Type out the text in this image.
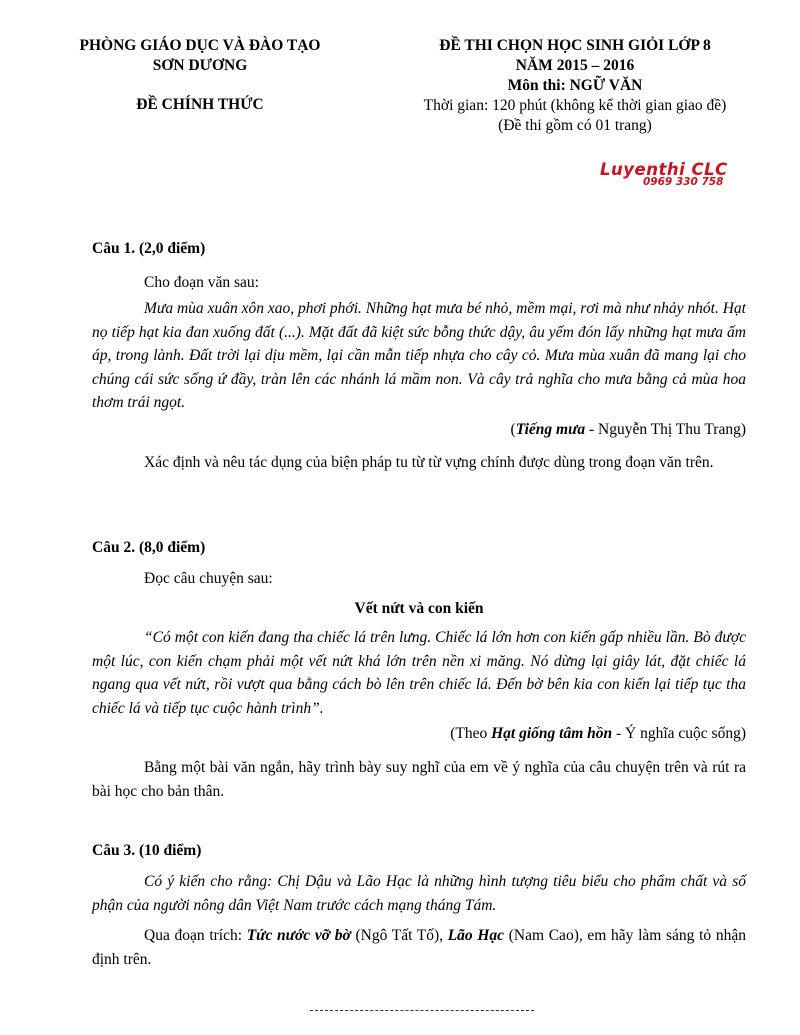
PHÒNG GIÁO DỤC VÀ ĐÀO TẠO
SƠN DƯƠNG
ĐỀ CHÍNH THỨC
ĐỀ THI CHỌN HỌC SINH GIỎI LỚP 8
NĂM 2015 – 2016
Môn thi: NGỮ VĂN
Thời gian: 120 phút (không kể thời gian giao đề)
(Đề thi gồm có 01 trang)
Luyenthi CLC
0969 330 758
Câu 1. (2,0 điểm)
Cho đoạn văn sau:
Mưa mùa xuân xôn xao, phơi phới. Những hạt mưa bé nhỏ, mềm mại, rơi mà như nhảy nhót. Hạt nọ tiếp hạt kia đan xuống đất (...). Mặt đất đã kiệt sức bỗng thức dậy, âu yếm đón lấy những hạt mưa ấm áp, trong lành. Đất trời lại dịu mềm, lại cần mẫn tiếp nhựa cho cây cỏ. Mưa mùa xuân đã mang lại cho chúng cái sức sống ứ đầy, tràn lên các nhánh lá mầm non. Và cây trả nghĩa cho mưa bằng cả mùa hoa thơm trái ngọt.
(Tiếng mưa - Nguyễn Thị Thu Trang)
Xác định và nêu tác dụng của biện pháp tu từ từ vựng chính được dùng trong đoạn văn trên.
Câu 2. (8,0 điểm)
Đọc câu chuyện sau:
Vết nứt và con kiến
“Có một con kiến đang tha chiếc lá trên lưng. Chiếc lá lớn hơn con kiến gấp nhiều lần. Bò được một lúc, con kiến chạm phải một vết nứt khá lớn trên nền xi măng. Nó dừng lại giây lát, đặt chiếc lá ngang qua vết nứt, rồi vượt qua bằng cách bò lên trên chiếc lá. Đến bờ bên kia con kiến lại tiếp tục tha chiếc lá và tiếp tục cuộc hành trình”.
(Theo Hạt giống tâm hồn - Ý nghĩa cuộc sống)
Bằng một bài văn ngắn, hãy trình bày suy nghĩ của em về ý nghĩa của câu chuyện trên và rút ra bài học cho bản thân.
Câu 3. (10 điểm)
Có ý kiến cho rằng: Chị Dậu và Lão Hạc là những hình tượng tiêu biểu cho phẩm chất và số phận của người nông dân Việt Nam trước cách mạng tháng Tám.
Qua đoạn trích: Tức nước vỡ bờ (Ngô Tất Tố), Lão Hạc (Nam Cao), em hãy làm sáng tỏ nhận định trên.
